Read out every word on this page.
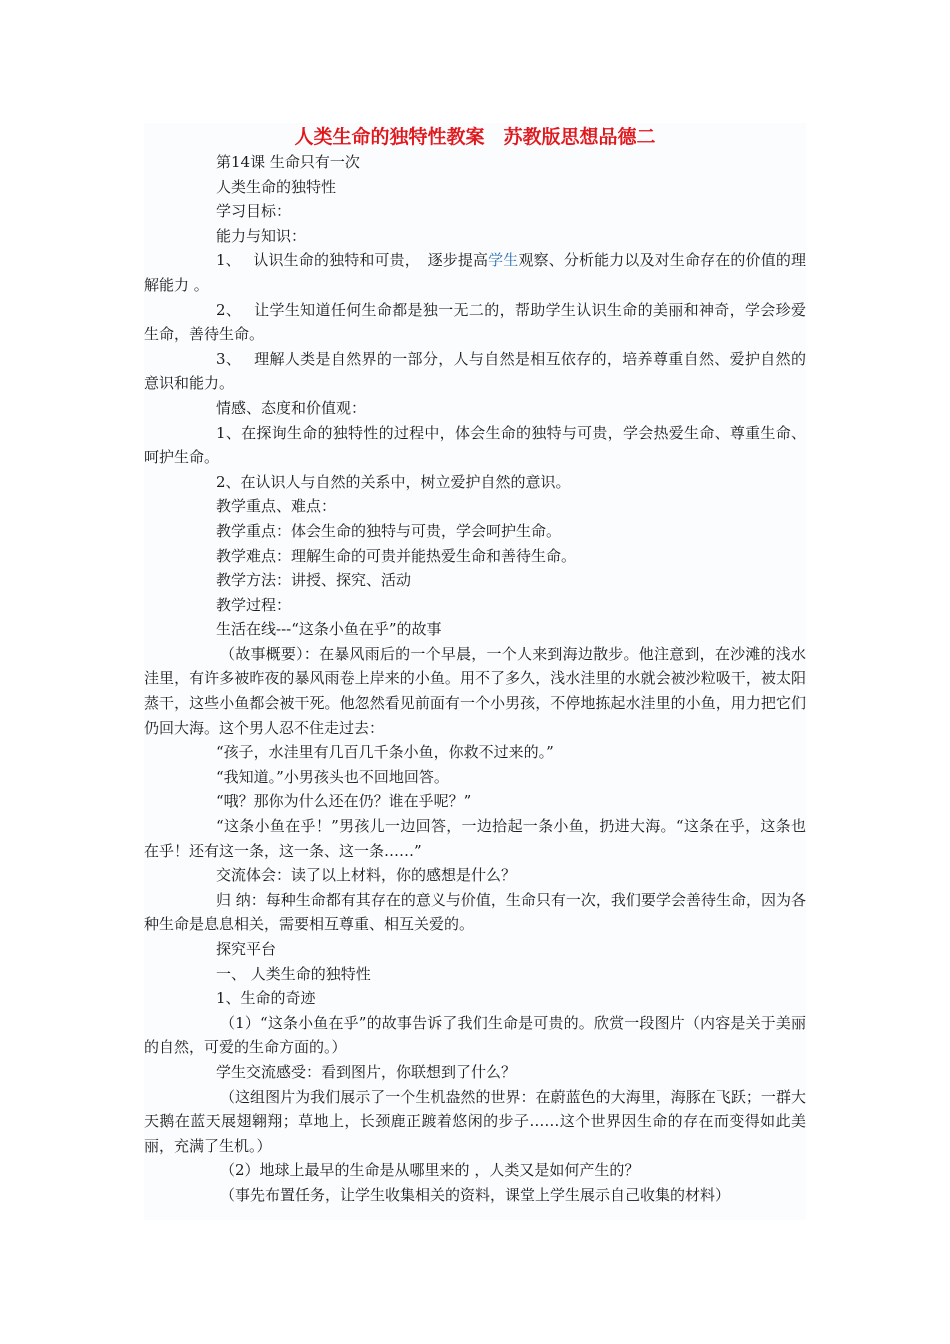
人类生命的独特性教案　苏教版思想品德二

第14课 生命只有一次

人类生命的独特性

学习目标：

能力与知识：

1、　 认识生命的独特和可贵，　逐步提高学生观察、分析能力以及对生命存在的价值的理解能力 。

2、　 让学生知道任何生命都是独一无二的，帮助学生认识生命的美丽和神奇，学会珍爱生命，善待生命。

3、　 理解人类是自然界的一部分，人与自然是相互依存的，培养尊重自然、爱护自然的意识和能力。

情感、态度和价值观：

1、在探询生命的独特性的过程中，体会生命的独特与可贵，学会热爱生命、尊重生命、呵护生命。

2、在认识人与自然的关系中，树立爱护自然的意识。

教学重点、难点：

教学重点：体会生命的独特与可贵，学会呵护生命。

教学难点：理解生命的可贵并能热爱生命和善待生命。

教学方法：讲授、探究、活动

教学过程：

生活在线---“这条小鱼在乎”的故事

（故事概要）：在暴风雨后的一个早晨，一个人来到海边散步。他注意到，在沙滩的浅水洼里，有许多被昨夜的暴风雨卷上岸来的小鱼。用不了多久，浅水洼里的水就会被沙粒吸干，被太阳蒸干，这些小鱼都会被干死。他忽然看见前面有一个小男孩，不停地拣起水洼里的小鱼，用力把它们仍回大海。这个男人忍不住走过去：

“孩子，水洼里有几百几千条小鱼，你救不过来的。”

“我知道。”小男孩头也不回地回答。

“哦？那你为什么还在仍？谁在乎呢？”

“这条小鱼在乎！”男孩儿一边回答，一边拾起一条小鱼，扔进大海。“这条在乎，这条也在乎！还有这一条，这一条、这一条……”

交流体会：读了以上材料，你的感想是什么？

归 纳：每种生命都有其存在的意义与价值，生命只有一次，我们要学会善待生命，因为各种生命是息息相关，需要相互尊重、相互关爱的。

探究平台

一、 人类生命的独特性

1、生命的奇迹

（1）“这条小鱼在乎”的故事告诉了我们生命是可贵的。欣赏一段图片（内容是关于美丽的自然，可爱的生命方面的。）

学生交流感受：看到图片，你联想到了什么？

（这组图片为我们展示了一个生机盎然的世界：在蔚蓝色的大海里，海豚在飞跃；一群大天鹅在蓝天展翅翱翔；草地上，长颈鹿正踱着悠闲的步子……这个世界因生命的存在而变得如此美丽，充满了生机。）

（2）地球上最早的生命是从哪里来的 ，人类又是如何产生的？

（事先布置任务，让学生收集相关的资料，课堂上学生展示自己收集的材料）
